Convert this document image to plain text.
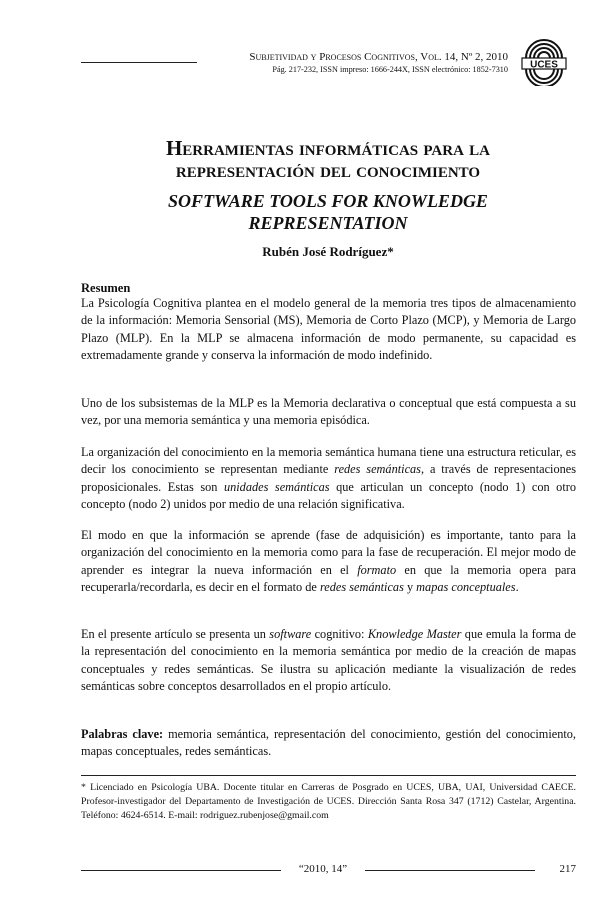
Subjetividad y Procesos Cognitivos, Vol. 14, Nº 2, 2010
Pág. 217-232, ISSN impreso: 1666-244X, ISSN electrónico: 1852-7310 UCES
Herramientas informáticas para la
representación del conocimiento
SOFTWARE TOOLS FOR KNOWLEDGE
REPRESENTATION
Rubén José Rodríguez*
Resumen

La Psicología Cognitiva plantea en el modelo general de la memoria tres tipos de almacenamiento de la información: Memoria Sensorial (MS), Memoria de Corto Plazo (MCP), y Memoria de Largo Plazo (MLP). En la MLP se almacena información de modo permanente, su capacidad es extremadamente grande y conserva la información de modo indefinido.

Uno de los subsistemas de la MLP es la Memoria declarativa o conceptual que está compuesta a su vez, por una memoria semántica y una memoria episódica.

La organización del conocimiento en la memoria semántica humana tiene una estructura reticular, es decir los conocimiento se representan mediante redes semánticas, a través de representaciones proposicionales. Estas son unidades semánticas que articulan un concepto (nodo 1) con otro concepto (nodo 2) unidos por medio de una relación significativa.

El modo en que la información se aprende (fase de adquisición) es importante, tanto para la organización del conocimiento en la memoria como para la fase de recuperación. El mejor modo de aprender es integrar la nueva información en el formato en que la memoria opera para recuperarla/recordarla, es decir en el formato de redes semánticas y mapas conceptuales.

En el presente artículo se presenta un software cognitivo: Knowledge Master que emula la forma de la representación del conocimiento en la memoria semántica por medio de la creación de mapas conceptuales y redes semánticas. Se ilustra su aplicación mediante la visualización de redes semánticas sobre conceptos desarrollados en el propio artículo.

Palabras clave: memoria semántica, representación del conocimiento, gestión del conocimiento, mapas conceptuales, redes semánticas.

* Licenciado en Psicología UBA. Docente titular en Carreras de Posgrado en UCES, UBA, UAI, Universidad CAECE. Profesor-investigador del Departamento de Investigación de UCES. Dirección Santa Rosa 347 (1712) Castelar, Argentina. Teléfono: 4624-6514. E-mail: rodriguez.rubenjose@gmail.com

“2010, 14”	217
